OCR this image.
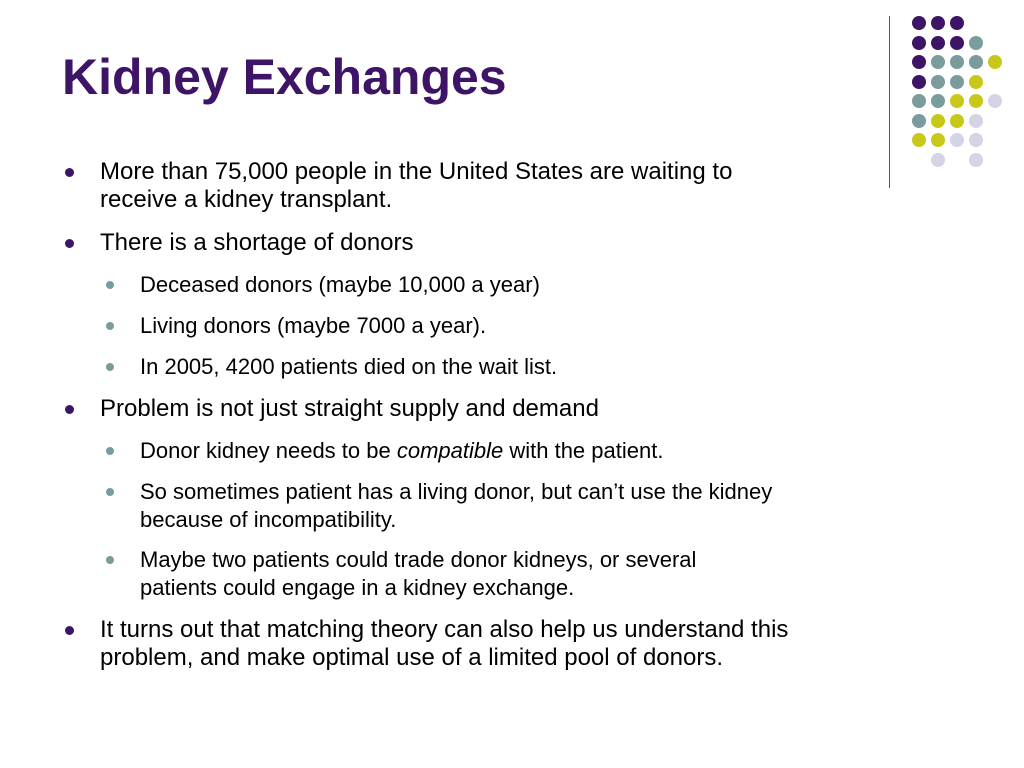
Kidney Exchanges
More than 75,000 people in the United States are waiting to
receive a kidney transplant.
There is a shortage of donors
Deceased donors (maybe 10,000 a year)
Living donors (maybe 7000 a year).
In 2005, 4200 patients died on the wait list.
Problem is not just straight supply and demand
Donor kidney needs to be compatible with the patient.
So sometimes patient has a living donor, but can’t use the kidney
because of incompatibility.
Maybe two patients could trade donor kidneys, or several
patients could engage in a kidney exchange.
It turns out that matching theory can also help us understand this
problem, and make optimal use of a limited pool of donors.
